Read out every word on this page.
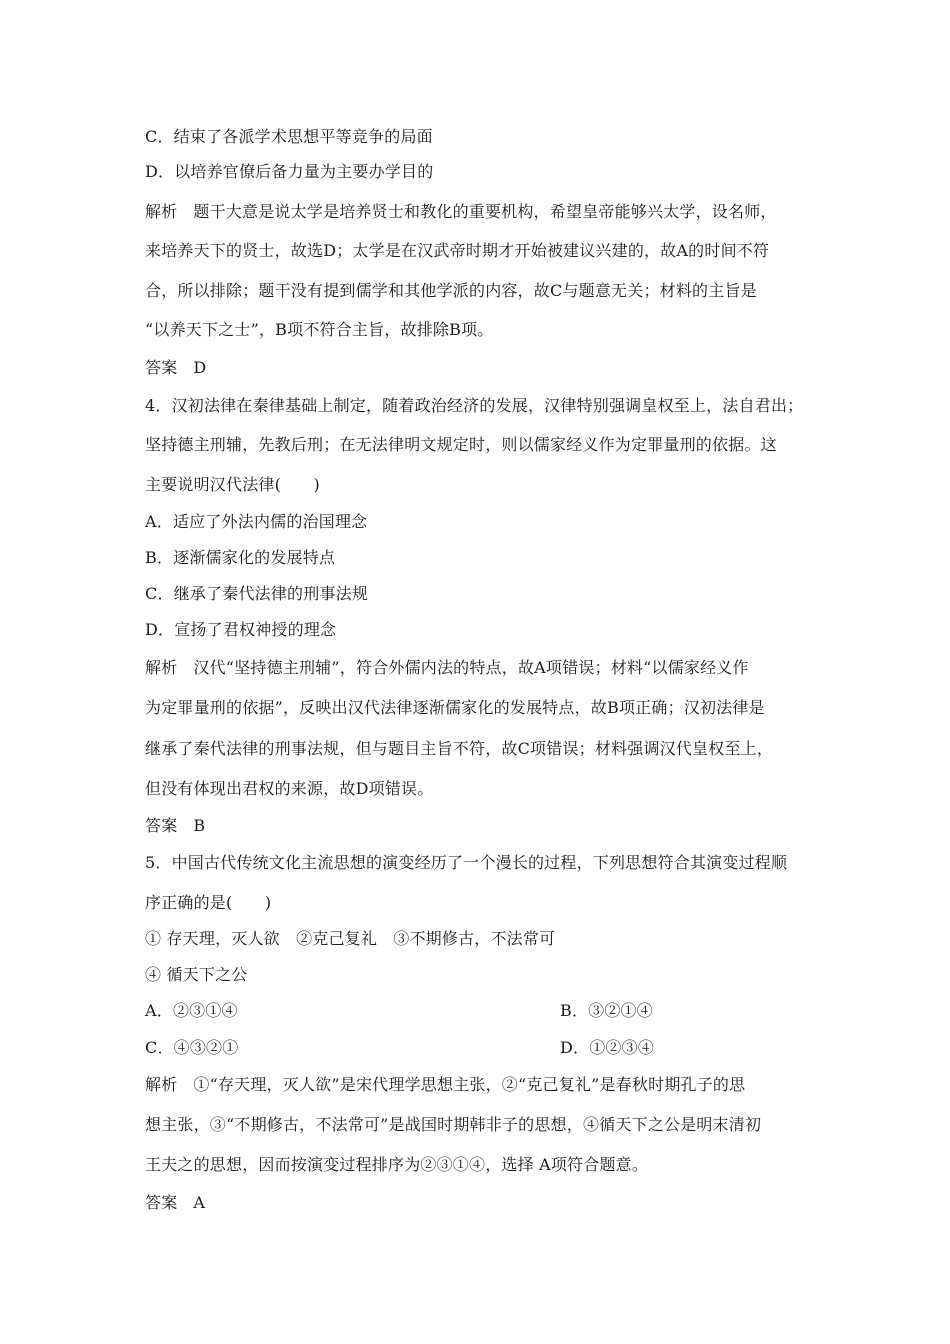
C．结束了各派学术思想平等竞争的局面
D．以培养官僚后备力量为主要办学目的
解析 题干大意是说太学是培养贤士和教化的重要机构，希望皇帝能够兴太学，设名师，
来培养天下的贤士，故选D；太学是在汉武帝时期才开始被建议兴建的，故A的时间不符
合，所以排除；题干没有提到儒学和其他学派的内容，故C与题意无关；材料的主旨是
“以养天下之士”，B项不符合主旨，故排除B项。
答案 D
4．汉初法律在秦律基础上制定，随着政治经济的发展，汉律特别强调皇权至上，法自君出；
坚持德主刑辅，先教后刑；在无法律明文规定时，则以儒家经义作为定罪量刑的依据。这
主要说明汉代法律(　　)
A．适应了外法内儒的治国理念
B．逐渐儒家化的发展特点
C．继承了秦代法律的刑事法规
D．宣扬了君权神授的理念
解析 汉代“坚持德主刑辅”，符合外儒内法的特点，故A项错误；材料“以儒家经义作
为定罪量刑的依据”，反映出汉代法律逐渐儒家化的发展特点，故B项正确；汉初法律是
继承了秦代法律的刑事法规，但与题目主旨不符，故C项错误；材料强调汉代皇权至上，
但没有体现出君权的来源，故D项错误。
答案 B
5．中国古代传统文化主流思想的演变经历了一个漫长的过程，下列思想符合其演变过程顺
序正确的是(　　)
① 存天理，灭人欲　②克己复礼　③不期修古，不法常可
④ 循天下之公
A．②③①④	B．③②①④
C．④③②①	D．①②③④
解析 ①“存天理，灭人欲”是宋代理学思想主张，②“克己复礼”是春秋时期孔子的思
想主张，③“不期修古，不法常可”是战国时期韩非子的思想，④循天下之公是明末清初
王夫之的思想，因而按演变过程排序为②③①④，选择 A项符合题意。
答案 A
